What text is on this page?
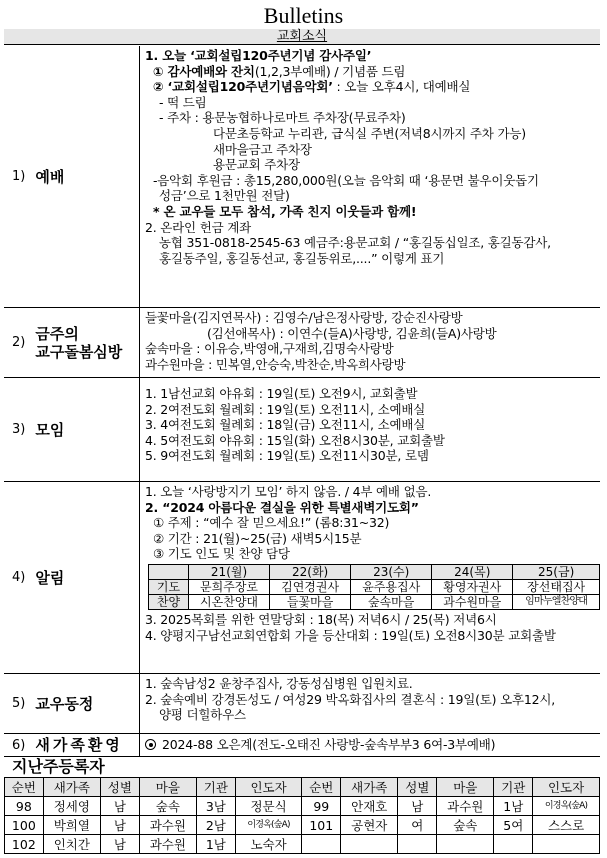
Bulletins
교회소식
1) 예배
1. 오늘 ‘교회설립120주년기념 감사주일’
① 감사예배와 잔치(1,2,3부예배) / 기념품 드림
② ‘교회설립120주년기념음악회’ : 오늘 오후4시, 대예배실
- 떡 드림
- 주차 : 용문농협하나로마트 주차장(무료주차)
다문초등학교 누리관, 급식실 주변(저녁8시까지 주차 가능)
새마을금고 주차장
용문교회 주차장
-음악회 후원금 : 총15,280,000원(오늘 음악회 때 ‘용문면 불우이웃돕기
성금’으로 1천만원 전달)
* 온 교우들 모두 참석, 가족 친지 이웃들과 함께!
2. 온라인 헌금 계좌
농협 351-0818-2545-63 예금주:용문교회 / “홍길동십일조, 홍길동감사,
홍길동주일, 홍길동선교, 홍길동위로,....” 이렇게 표기
2) 금주의
교구돌봄심방
들꽃마을(김지연목사) : 김영수/남은정사랑방, 강순진사랑방
(김선애목사) : 이연수(들A)사랑방, 김윤희(들A)사랑방
숲속마을 : 이유승,박영애,구재희,김명숙사랑방
과수원마을 : 민복열,안승숙,박찬순,박옥희사랑방
3) 모임
1. 1남선교회 야유회 : 19일(토) 오전9시, 교회출발
2. 2여전도회 월례회 : 19일(토) 오전11시, 소예배실
3. 4여전도회 월례회 : 18일(금) 오전11시, 소예배실
4. 5여전도회 야유회 : 15일(화) 오전8시30분, 교회출발
5. 9여전도회 월례회 : 19일(토) 오전11시30분, 로뎀
4) 알림
1. 오늘 ‘사랑방지기 모임’ 하지 않음. / 4부 예배 없음.
2. “2024 아름다운 결실을 위한 특별새벽기도회”
① 주제 : “예수 잘 믿으세요!” (롬8:31~32)
② 기간 : 21(월)~25(금) 새벽5시15분
③ 기도 인도 및 찬양 담당
	21(월)	22(화)	23(수)	24(목)	25(금)
기도	문희주장로	김연경권사	윤주용집사	황영자권사	장선태집사
찬양	시온찬양대	들꽃마을	숲속마을	과수원마을	임마누엘찬양대
3. 2025목회를 위한 연말당회 : 18(목) 저녁6시 / 25(목) 저녁6시
4. 양평지구남선교회연합회 가을 등산대회 : 19일(토) 오전8시30분 교회출발
5) 교우동정
1. 숲속남성2 윤창주집사, 강동성심병원 입원치료.
2. 숲속예비 강경돈성도 / 여성29 박옥화집사의 결혼식 : 19일(토) 오후12시,
양평 더힐하우스
6) 새가족환영	2024-88 오은계(전도-오태진 사랑방-숲속부부3 6여-3부예배)
지난주등록자
순번	새가족	성별	마을	기관	인도자	순번	새가족	성별	마을	기관	인도자
98	정세영	남	숲속	3남	정문식	99	안재호	남	과수원	1남	이경옥(숲A)
100	박희열	남	과수원	2남	이경옥(숲A)	101	공현자	여	숲속	5여	스스로
102	인치간	남	과수원	1남	노숙자						
